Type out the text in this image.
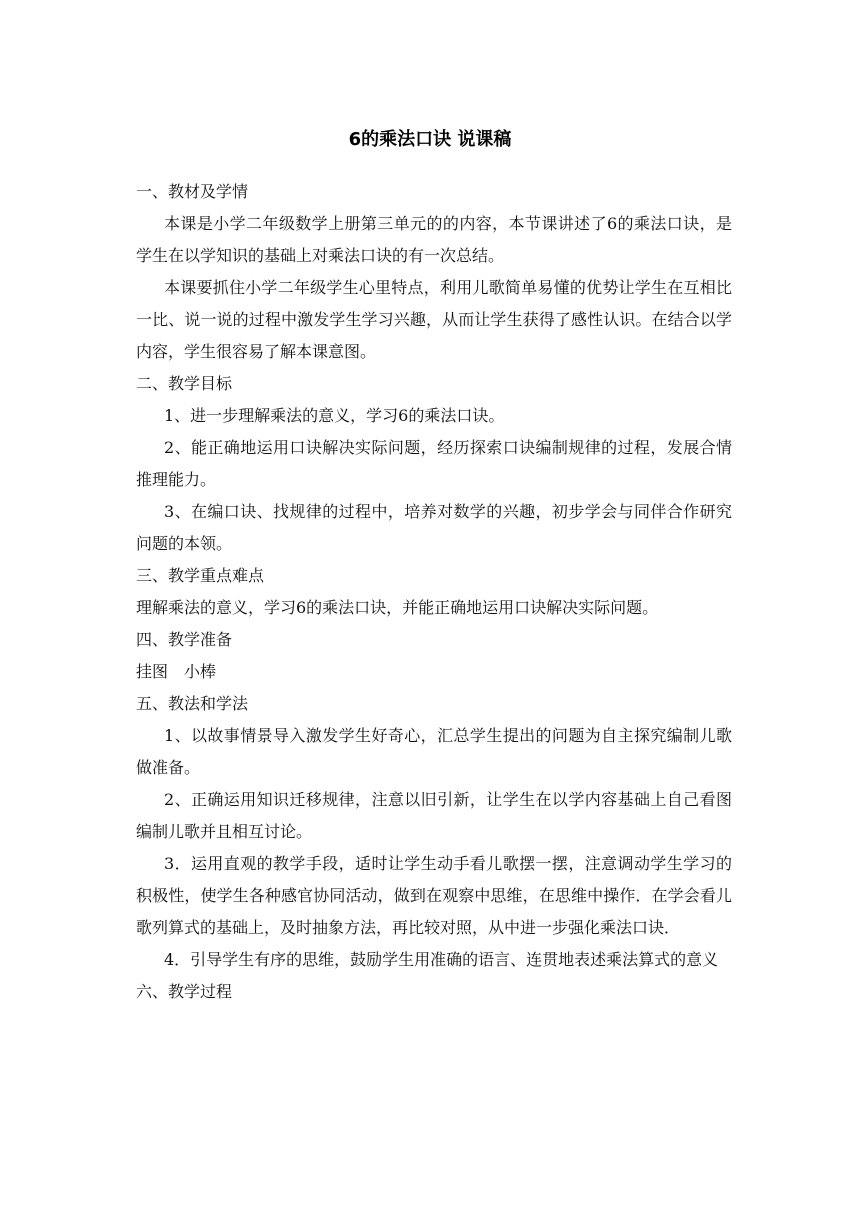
6的乘法口诀 说课稿

一、教材及学情

本课是小学二年级数学上册第三单元的的内容，本节课讲述了6的乘法口诀，是学生在以学知识的基础上对乘法口诀的有一次总结。

本课要抓住小学二年级学生心里特点，利用儿歌简单易懂的优势让学生在互相比一比、说一说的过程中激发学生学习兴趣，从而让学生获得了感性认识。在结合以学内容，学生很容易了解本课意图。

二、教学目标

1、进一步理解乘法的意义，学习6的乘法口诀。

2、能正确地运用口诀解决实际问题，经历探索口诀编制规律的过程，发展合情推理能力。

3、在编口诀、找规律的过程中，培养对数学的兴趣，初步学会与同伴合作研究问题的本领。

三、教学重点难点

理解乘法的意义，学习6的乘法口诀，并能正确地运用口诀解决实际问题。

四、教学准备

挂图　小棒

五、教法和学法

1、以故事情景导入激发学生好奇心，汇总学生提出的问题为自主探究编制儿歌做准备。

2、正确运用知识迁移规律，注意以旧引新，让学生在以学内容基础上自己看图编制儿歌并且相互讨论。

3．运用直观的教学手段，适时让学生动手看儿歌摆一摆，注意调动学生学习的积极性，使学生各种感官协同活动，做到在观察中思维，在思维中操作．在学会看儿歌列算式的基础上，及时抽象方法，再比较对照，从中进一步强化乘法口诀．

4．引导学生有序的思维，鼓励学生用准确的语言、连贯地表述乘法算式的意义

六、教学过程
